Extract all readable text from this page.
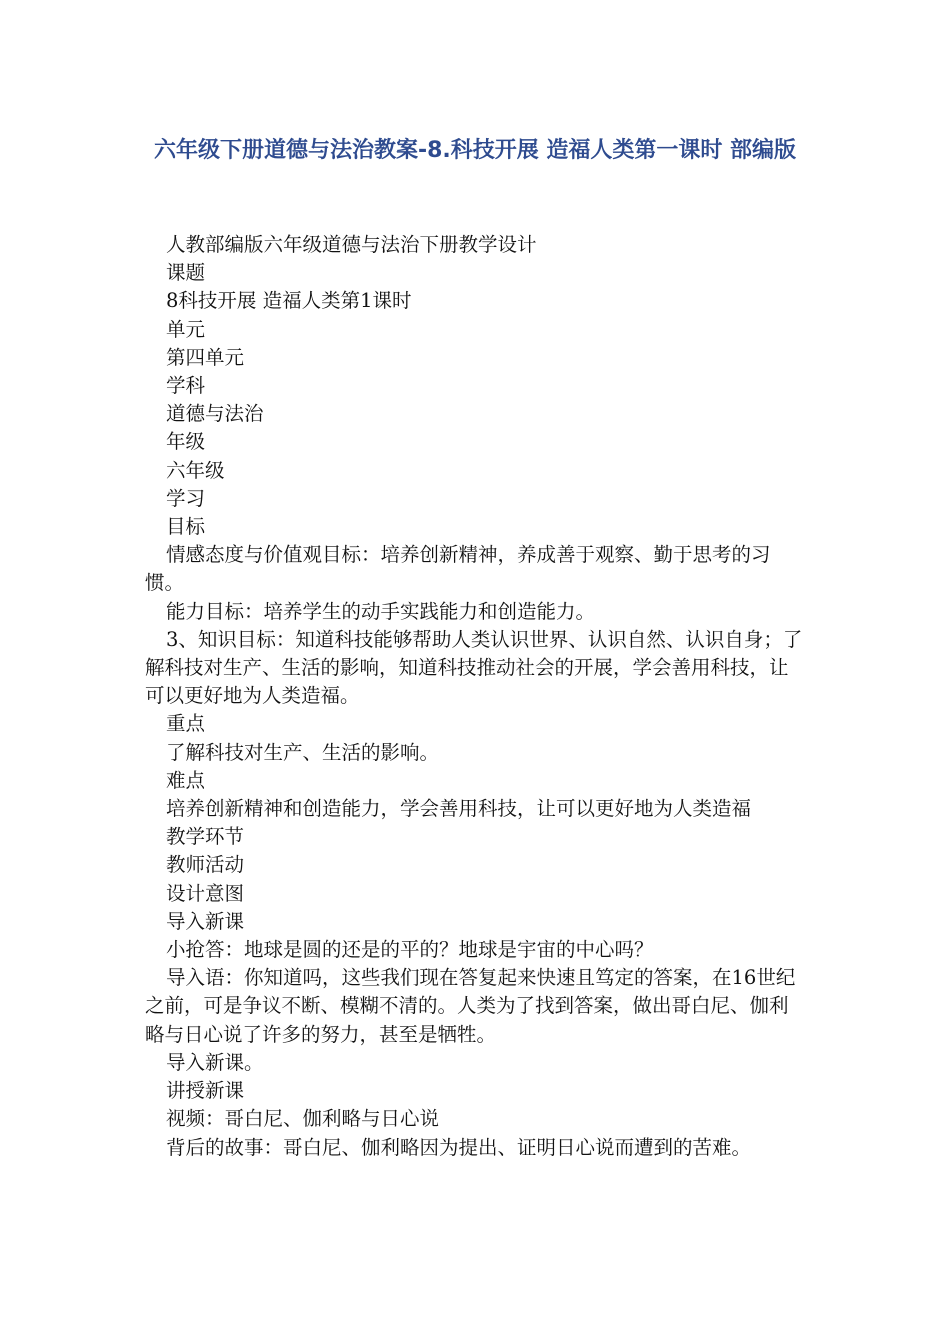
六年级下册道德与法治教案-8.科技开展 造福人类第一课时 部编版

人教部编版六年级道德与法治下册教学设计

课题

8科技开展 造福人类第1课时

单元

第四单元

学科

道德与法治

年级

六年级

学习

目标

情感态度与价值观目标：培养创新精神，养成善于观察、勤于思考的习惯。

能力目标：培养学生的动手实践能力和创造能力。

3、知识目标：知道科技能够帮助人类认识世界、认识自然、认识自身；了解科技对生产、生活的影响，知道科技推动社会的开展，学会善用科技，让可以更好地为人类造福。

重点

了解科技对生产、生活的影响。

难点

培养创新精神和创造能力，学会善用科技，让可以更好地为人类造福

教学环节

教师活动

设计意图

导入新课

小抢答：地球是圆的还是的平的？地球是宇宙的中心吗？

导入语：你知道吗，这些我们现在答复起来快速且笃定的答案，在16世纪之前，可是争议不断、模糊不清的。人类为了找到答案，做出哥白尼、伽利略与日心说了许多的努力，甚至是牺牲。

导入新课。

讲授新课

视频：哥白尼、伽利略与日心说

背后的故事：哥白尼、伽利略因为提出、证明日心说而遭到的苦难。
